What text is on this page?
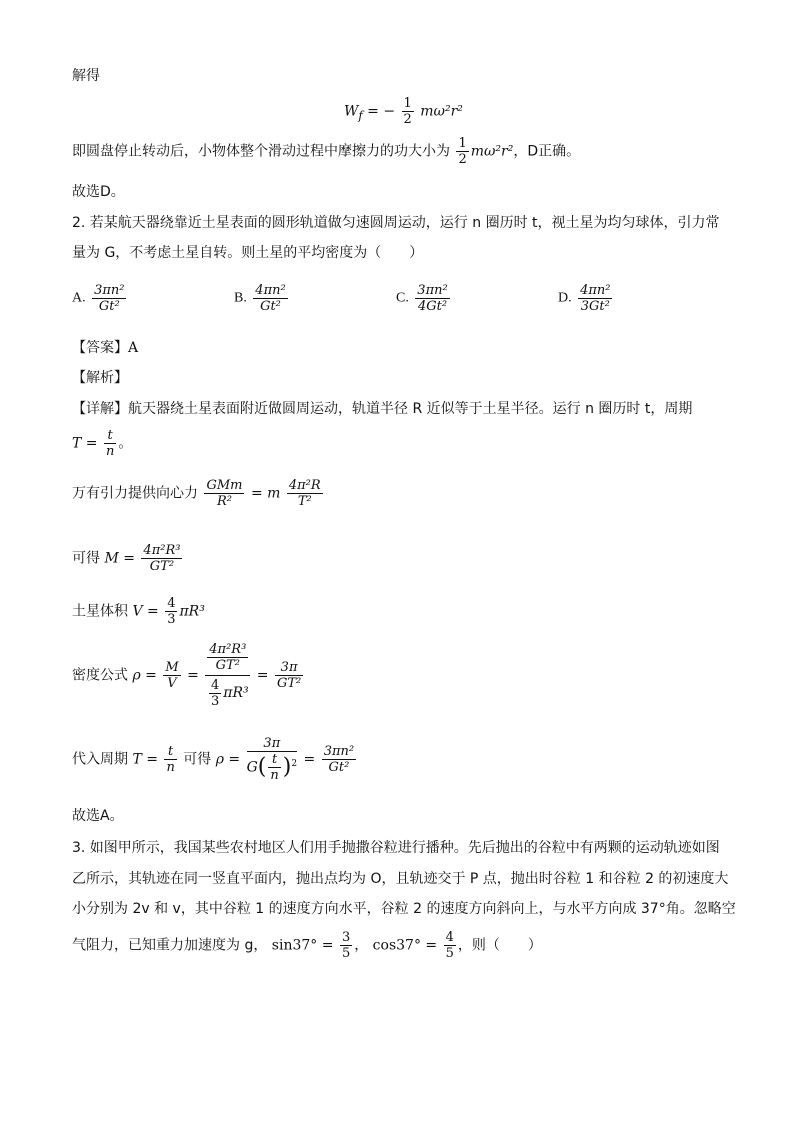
解得
$W_f$ = − $\frac{1}{2} m\omega^2r^2$
即圆盘停止转动后，小物体整个滑动过程中摩擦力的功大小为 $\frac{1}{2} m\omega^2r^2$，D正确。
故选D。
2. 若某航天器绕靠近土星表面的圆形轨道做匀速圆周运动，运行 n 圈历时 t，视土星为均匀球体，引力常
量为 G，不考虑土星自转。则土星的平均密度为（　　）
A. $\frac{\text{3πn²}}{\text{Gt²}}$	B. $\frac{\text{4πn²}}{\text{Gt²}}$	C. $\frac{\text{3πn²}}{\text{4Gt²}}$	D. $\frac{\text{4πn²}}{\text{3Gt²}}$
【答案】A
【解析】
【详解】航天器绕土星表面附近做圆周运动，轨道半径 R 近似等于土星半径。运行 n 圈历时 t，周期
$T = \frac{t}{n}$ 。
万有引力提供向心力 $\frac{\text{GMm}}{\text{R²}} = m \frac{\text{4π²R}}{\text{T²}}$
可得 $M = \frac{\text{4π²R³}}{\text{GT²}}$
土星体积 $V = \frac{4}{3} \pi R^3$
密度公式 $\rho = \frac{M}{V} = \frac{\frac{\text{4π²R³}}{\text{GT²}}}{\frac{4}{3} \pi R^3} = \frac{3\pi}{\text{GT²}}$
代入周期 $T = \frac{t}{n}$ 可得 $\rho = \frac{3\pi}{G( \frac{t}{n} )^2} = \frac{\text{3πn²}}{\text{Gt²}}$
故选A。
3. 如图甲所示，我国某些农村地区人们用手抛撒谷粒进行播种。先后抛出的谷粒中有两颗的运动轨迹如图
乙所示，其轨迹在同一竖直平面内，抛出点均为 O，且轨迹交于 P 点，抛出时谷粒 1 和谷粒 2 的初速度大
小分别为 2v 和 v，其中谷粒 1 的速度方向水平，谷粒 2 的速度方向斜向上，与水平方向成 37°角。忽略空
气阻力，已知重力加速度为 g， $\sin 37^\circ = \frac{3}{5}$ ， $\cos 37^\circ = \frac{4}{5}$ ，则（　　）
